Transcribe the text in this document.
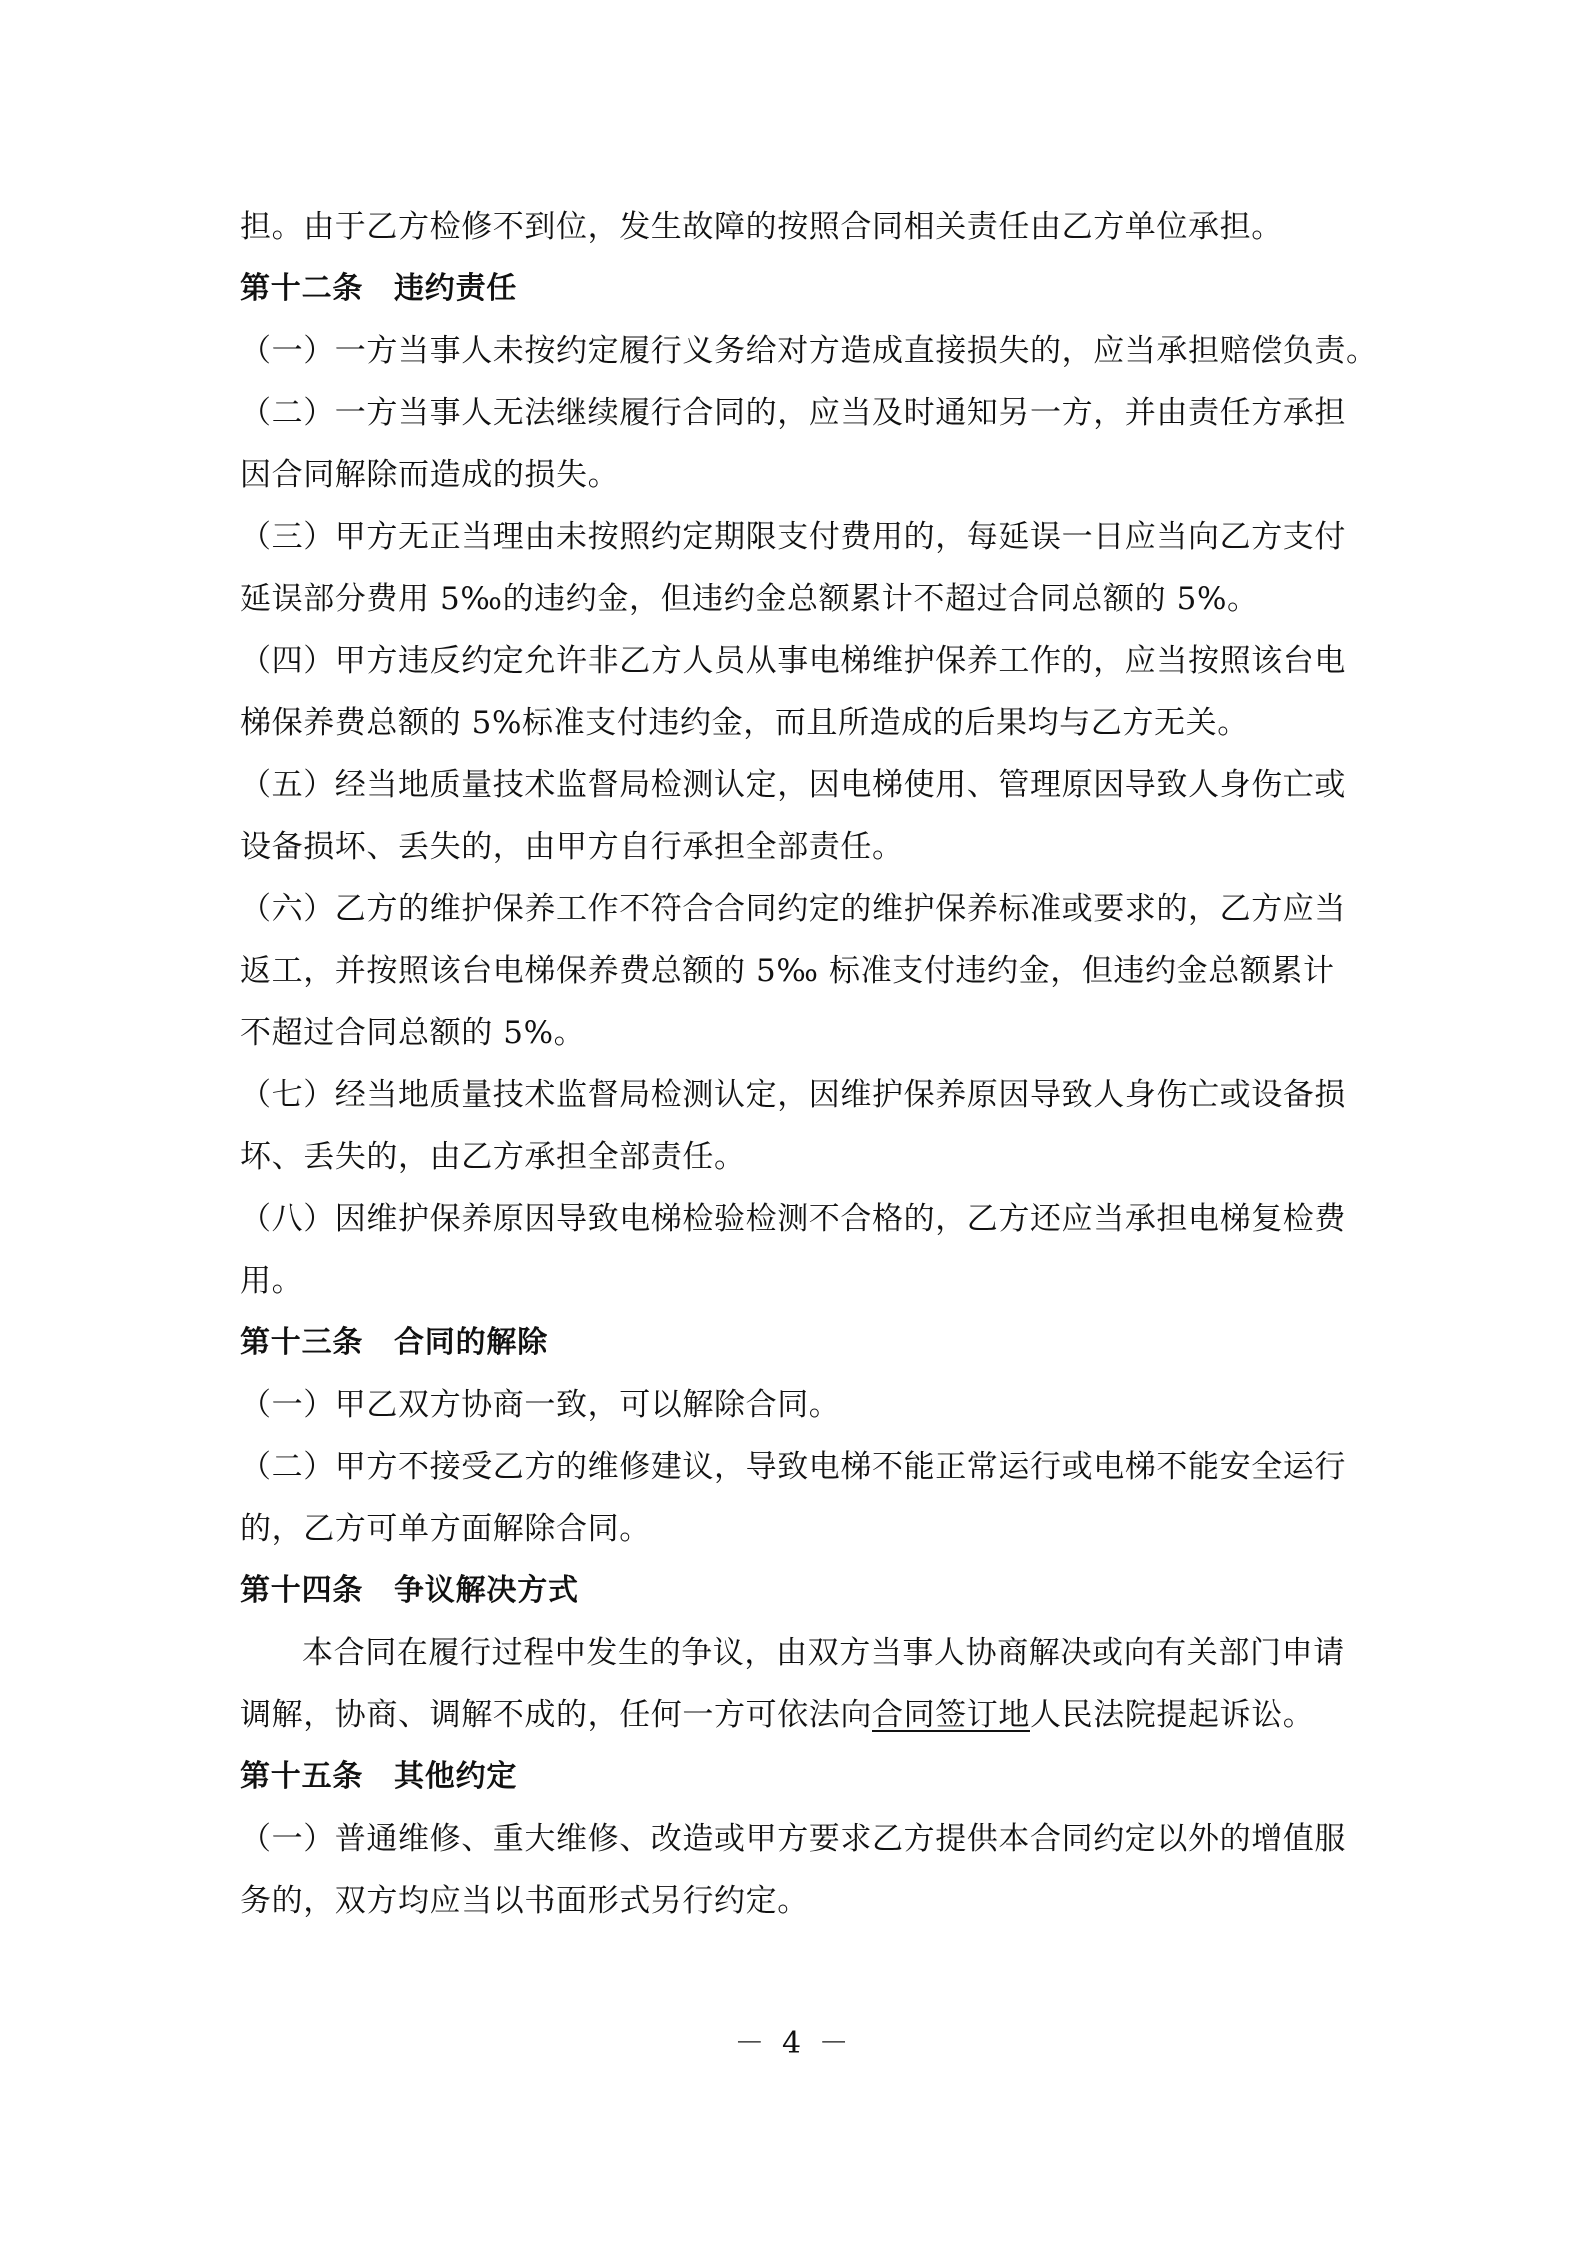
担。由于乙方检修不到位，发生故障的按照合同相关责任由乙方单位承担。
第十二条　违约责任
（一）一方当事人未按约定履行义务给对方造成直接损失的，应当承担赔偿负责。
（二）一方当事人无法继续履行合同的，应当及时通知另一方，并由责任方承担
因合同解除而造成的损失。
（三）甲方无正当理由未按照约定期限支付费用的，每延误一日应当向乙方支付
延误部分费用 5‰的违约金，但违约金总额累计不超过合同总额的 5%。
（四）甲方违反约定允许非乙方人员从事电梯维护保养工作的，应当按照该台电
梯保养费总额的 5%标准支付违约金，而且所造成的后果均与乙方无关。
（五）经当地质量技术监督局检测认定，因电梯使用、管理原因导致人身伤亡或
设备损坏、丢失的，由甲方自行承担全部责任。
（六）乙方的维护保养工作不符合合同约定的维护保养标准或要求的，乙方应当
返工，并按照该台电梯保养费总额的 5‰ 标准支付违约金，但违约金总额累计
不超过合同总额的 5%。
（七）经当地质量技术监督局检测认定，因维护保养原因导致人身伤亡或设备损
坏、丢失的，由乙方承担全部责任。
（八）因维护保养原因导致电梯检验检测不合格的，乙方还应当承担电梯复检费
用。
第十三条　合同的解除
（一）甲乙双方协商一致，可以解除合同。
（二）甲方不接受乙方的维修建议，导致电梯不能正常运行或电梯不能安全运行
的，乙方可单方面解除合同。
第十四条　争议解决方式
本合同在履行过程中发生的争议，由双方当事人协商解决或向有关部门申请
调解，协商、调解不成的，任何一方可依法向合同签订地人民法院提起诉讼。
第十五条　其他约定
（一）普通维修、重大维修、改造或甲方要求乙方提供本合同约定以外的增值服
务的，双方均应当以书面形式另行约定。
－ 4 －
